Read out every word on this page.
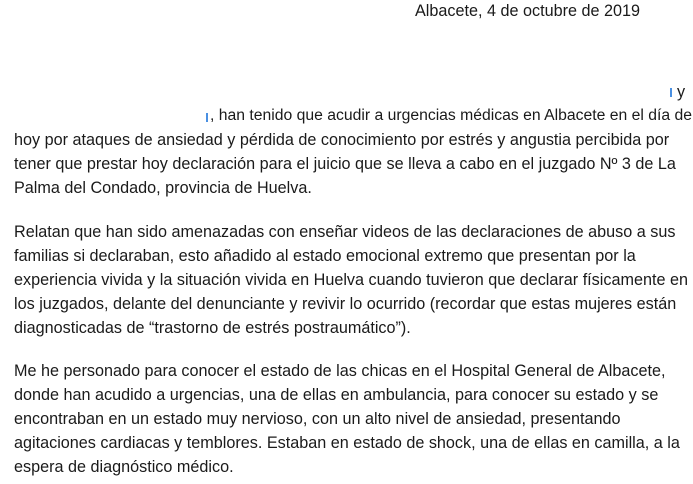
Albacete, 4 de octubre de 2019
y
, han tenido que acudir a urgencias médicas en Albacete en el día de
hoy por ataques de ansiedad y pérdida de conocimiento por estrés y angustia percibida por
tener que prestar hoy declaración para el juicio que se lleva a cabo en el juzgado Nº 3 de La
Palma del Condado, provincia de Huelva.
Relatan que han sido amenazadas con enseñar videos de las declaraciones de abuso a sus
familias si declaraban, esto añadido al estado emocional extremo que presentan por la
experiencia vivida y la situación vivida en Huelva cuando tuvieron que declarar físicamente en
los juzgados, delante del denunciante y revivir lo ocurrido (recordar que estas mujeres están
diagnosticadas de “trastorno de estrés postraumático”).
Me he personado para conocer el estado de las chicas en el Hospital General de Albacete,
donde han acudido a urgencias, una de ellas en ambulancia, para conocer su estado y se
encontraban en un estado muy nervioso, con un alto nivel de ansiedad, presentando
agitaciones cardiacas y temblores. Estaban en estado de shock, una de ellas en camilla, a la
espera de diagnóstico médico.
